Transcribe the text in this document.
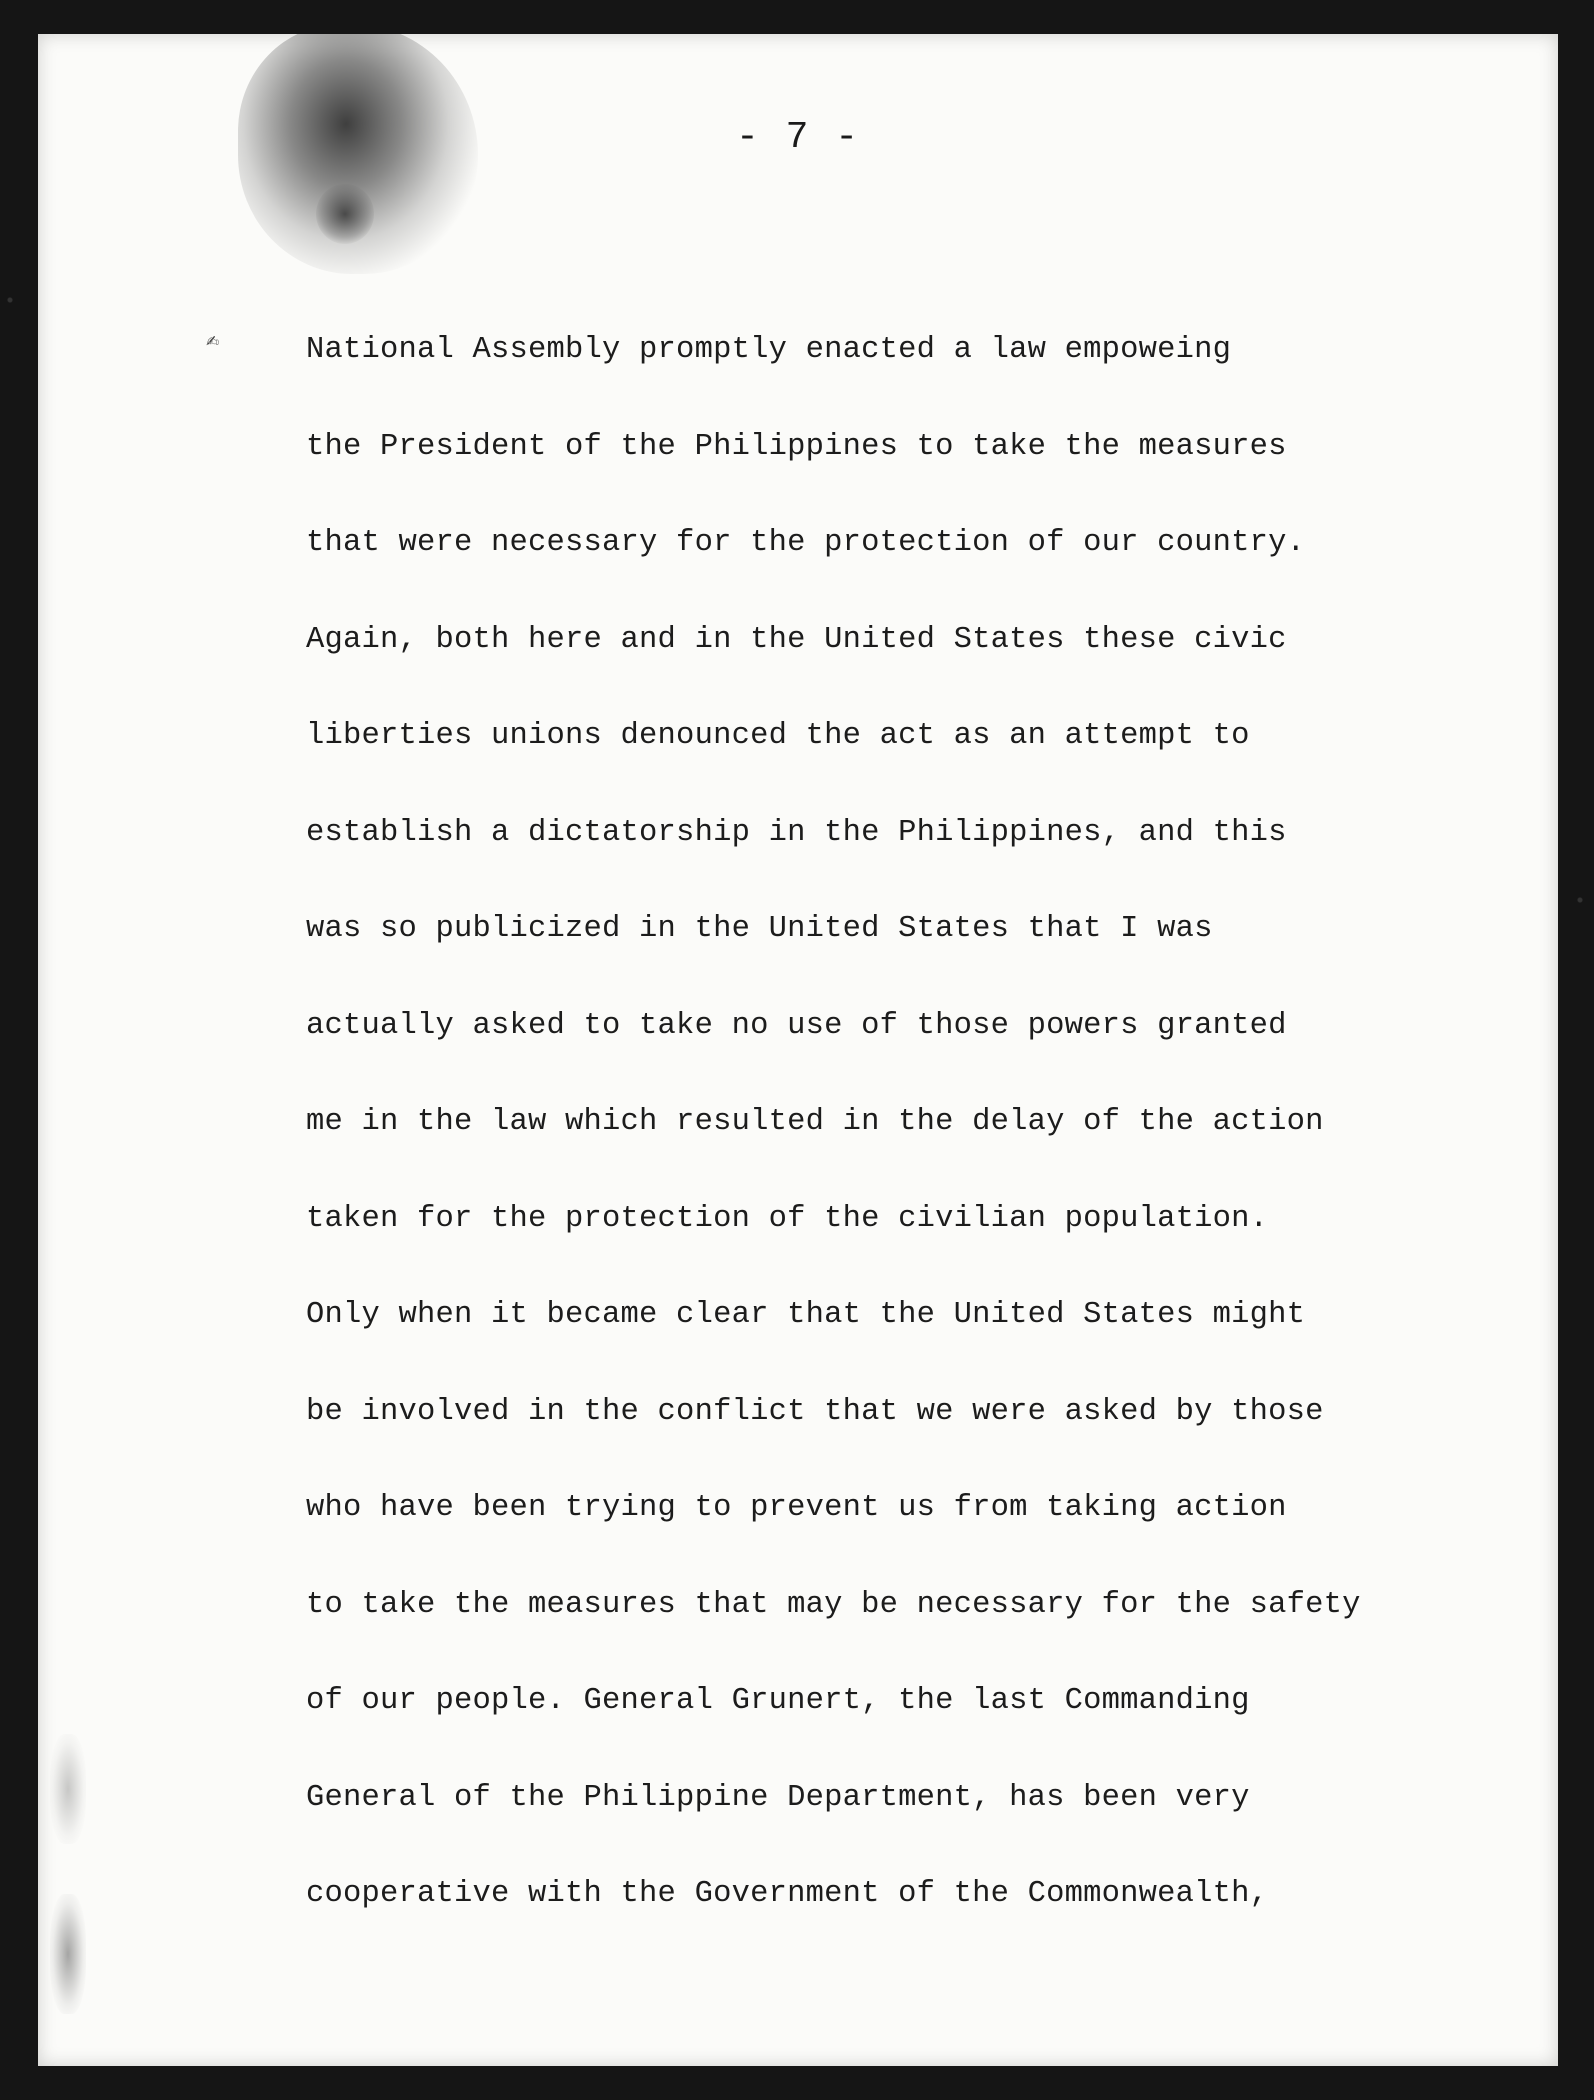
- 7 -
✍	National Assembly promptly enacted a law empoweing
the President of the Philippines to take the measures
that were necessary for the protection of our country.
Again, both here and in the United States these civic
liberties unions denounced the act as an attempt to
establish a dictatorship in the Philippines, and this
was so publicized in the United States that I was
actually asked to take no use of those powers granted
me in the law which resulted in the delay of the action
taken for the protection of the civilian population.
Only when it became clear that the United States might
be involved in the conflict that we were asked by those
who have been trying to prevent us from taking action
to take the measures that may be necessary for the safety
of our people. General Grunert, the last Commanding
General of the Philippine Department, has been very
cooperative with the Government of the Commonwealth,
